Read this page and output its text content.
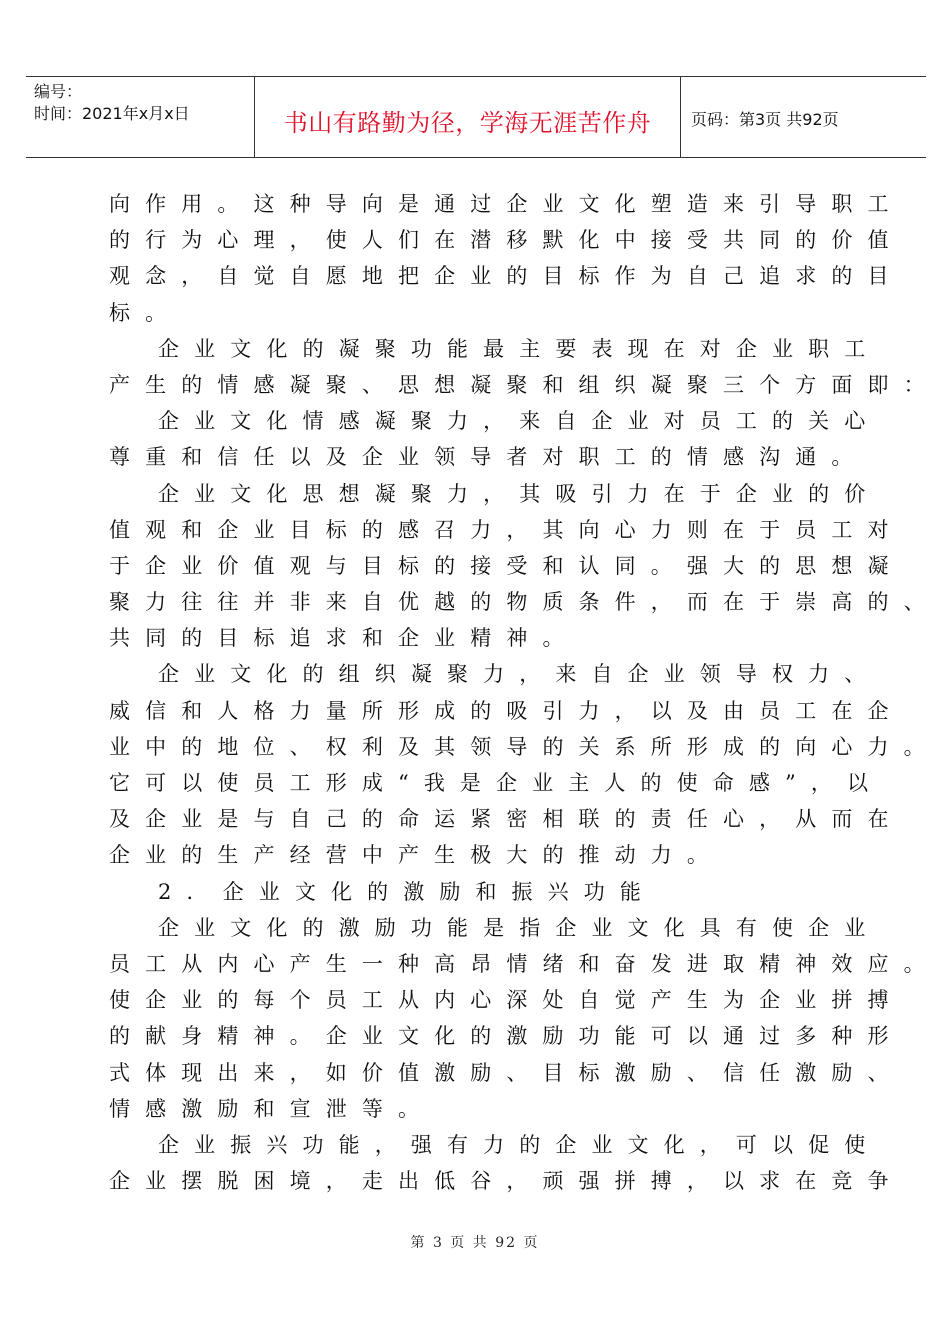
编号：
时间：2021年x月x日	书山有路勤为径，学海无涯苦作舟	页码：第3页 共92页
向作用。这种导向是通过企业文化塑造来引导职工
的行为心理，使人们在潜移默化中接受共同的价值
观念，自觉自愿地把企业的目标作为自己追求的目
标。
企业文化的凝聚功能最主要表现在对企业职工
产生的情感凝聚、思想凝聚和组织凝聚三个方面即：
企业文化情感凝聚力，来自企业对员工的关心
尊重和信任以及企业领导者对职工的情感沟通。
企业文化思想凝聚力，其吸引力在于企业的价
值观和企业目标的感召力，其向心力则在于员工对
于企业价值观与目标的接受和认同。强大的思想凝
聚力往往并非来自优越的物质条件，而在于崇高的、
共同的目标追求和企业精神。
企业文化的组织凝聚力，来自企业领导权力、
威信和人格力量所形成的吸引力，以及由员工在企
业中的地位、权利及其领导的关系所形成的向心力。
它可以使员工形成“我是企业主人的使命感”，以
及企业是与自己的命运紧密相联的责任心，从而在
企业的生产经营中产生极大的推动力。
2．企业文化的激励和振兴功能
企业文化的激励功能是指企业文化具有使企业
员工从内心产生一种高昂情绪和奋发进取精神效应。
使企业的每个员工从内心深处自觉产生为企业拼搏
的献身精神。企业文化的激励功能可以通过多种形
式体现出来，如价值激励、目标激励、信任激励、
情感激励和宣泄等。
企业振兴功能，强有力的企业文化，可以促使
企业摆脱困境，走出低谷，顽强拼搏，以求在竞争
第 3 页 共 92 页
